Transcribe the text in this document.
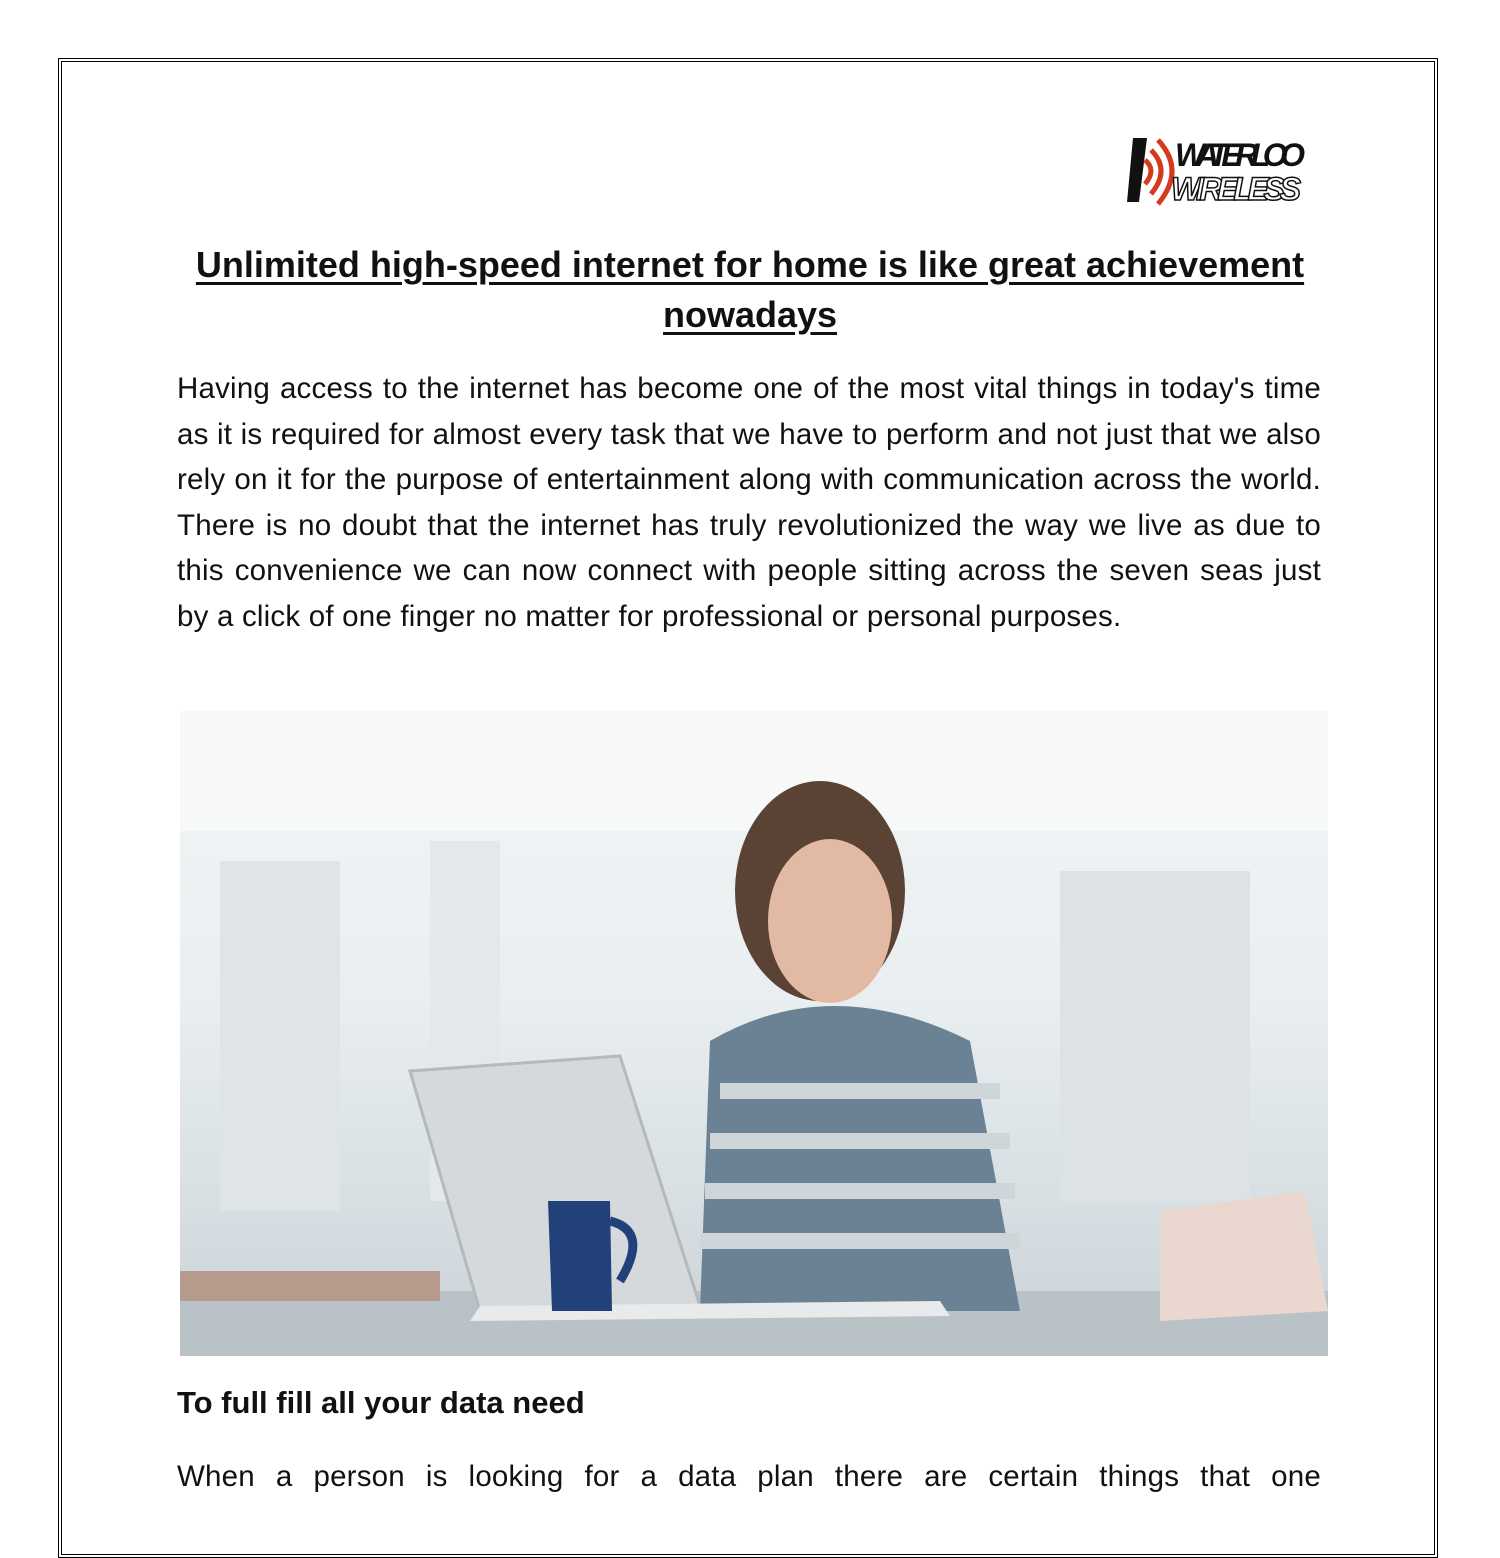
WATERLOO
WIRELESS
Unlimited high-speed internet for home is like great achievement nowadays

Having access to the internet has become one of the most vital things in today's time as it is required for almost every task that we have to perform and not just that we also rely on it for the purpose of entertainment along with communication across the world. There is no doubt that the internet has truly revolutionized the way we live as due to this convenience we can now connect with people sitting across the seven seas just by a click of one finger no matter for professional or personal purposes.

To full fill all your data need

When a person is looking for a data plan there are certain things that one
